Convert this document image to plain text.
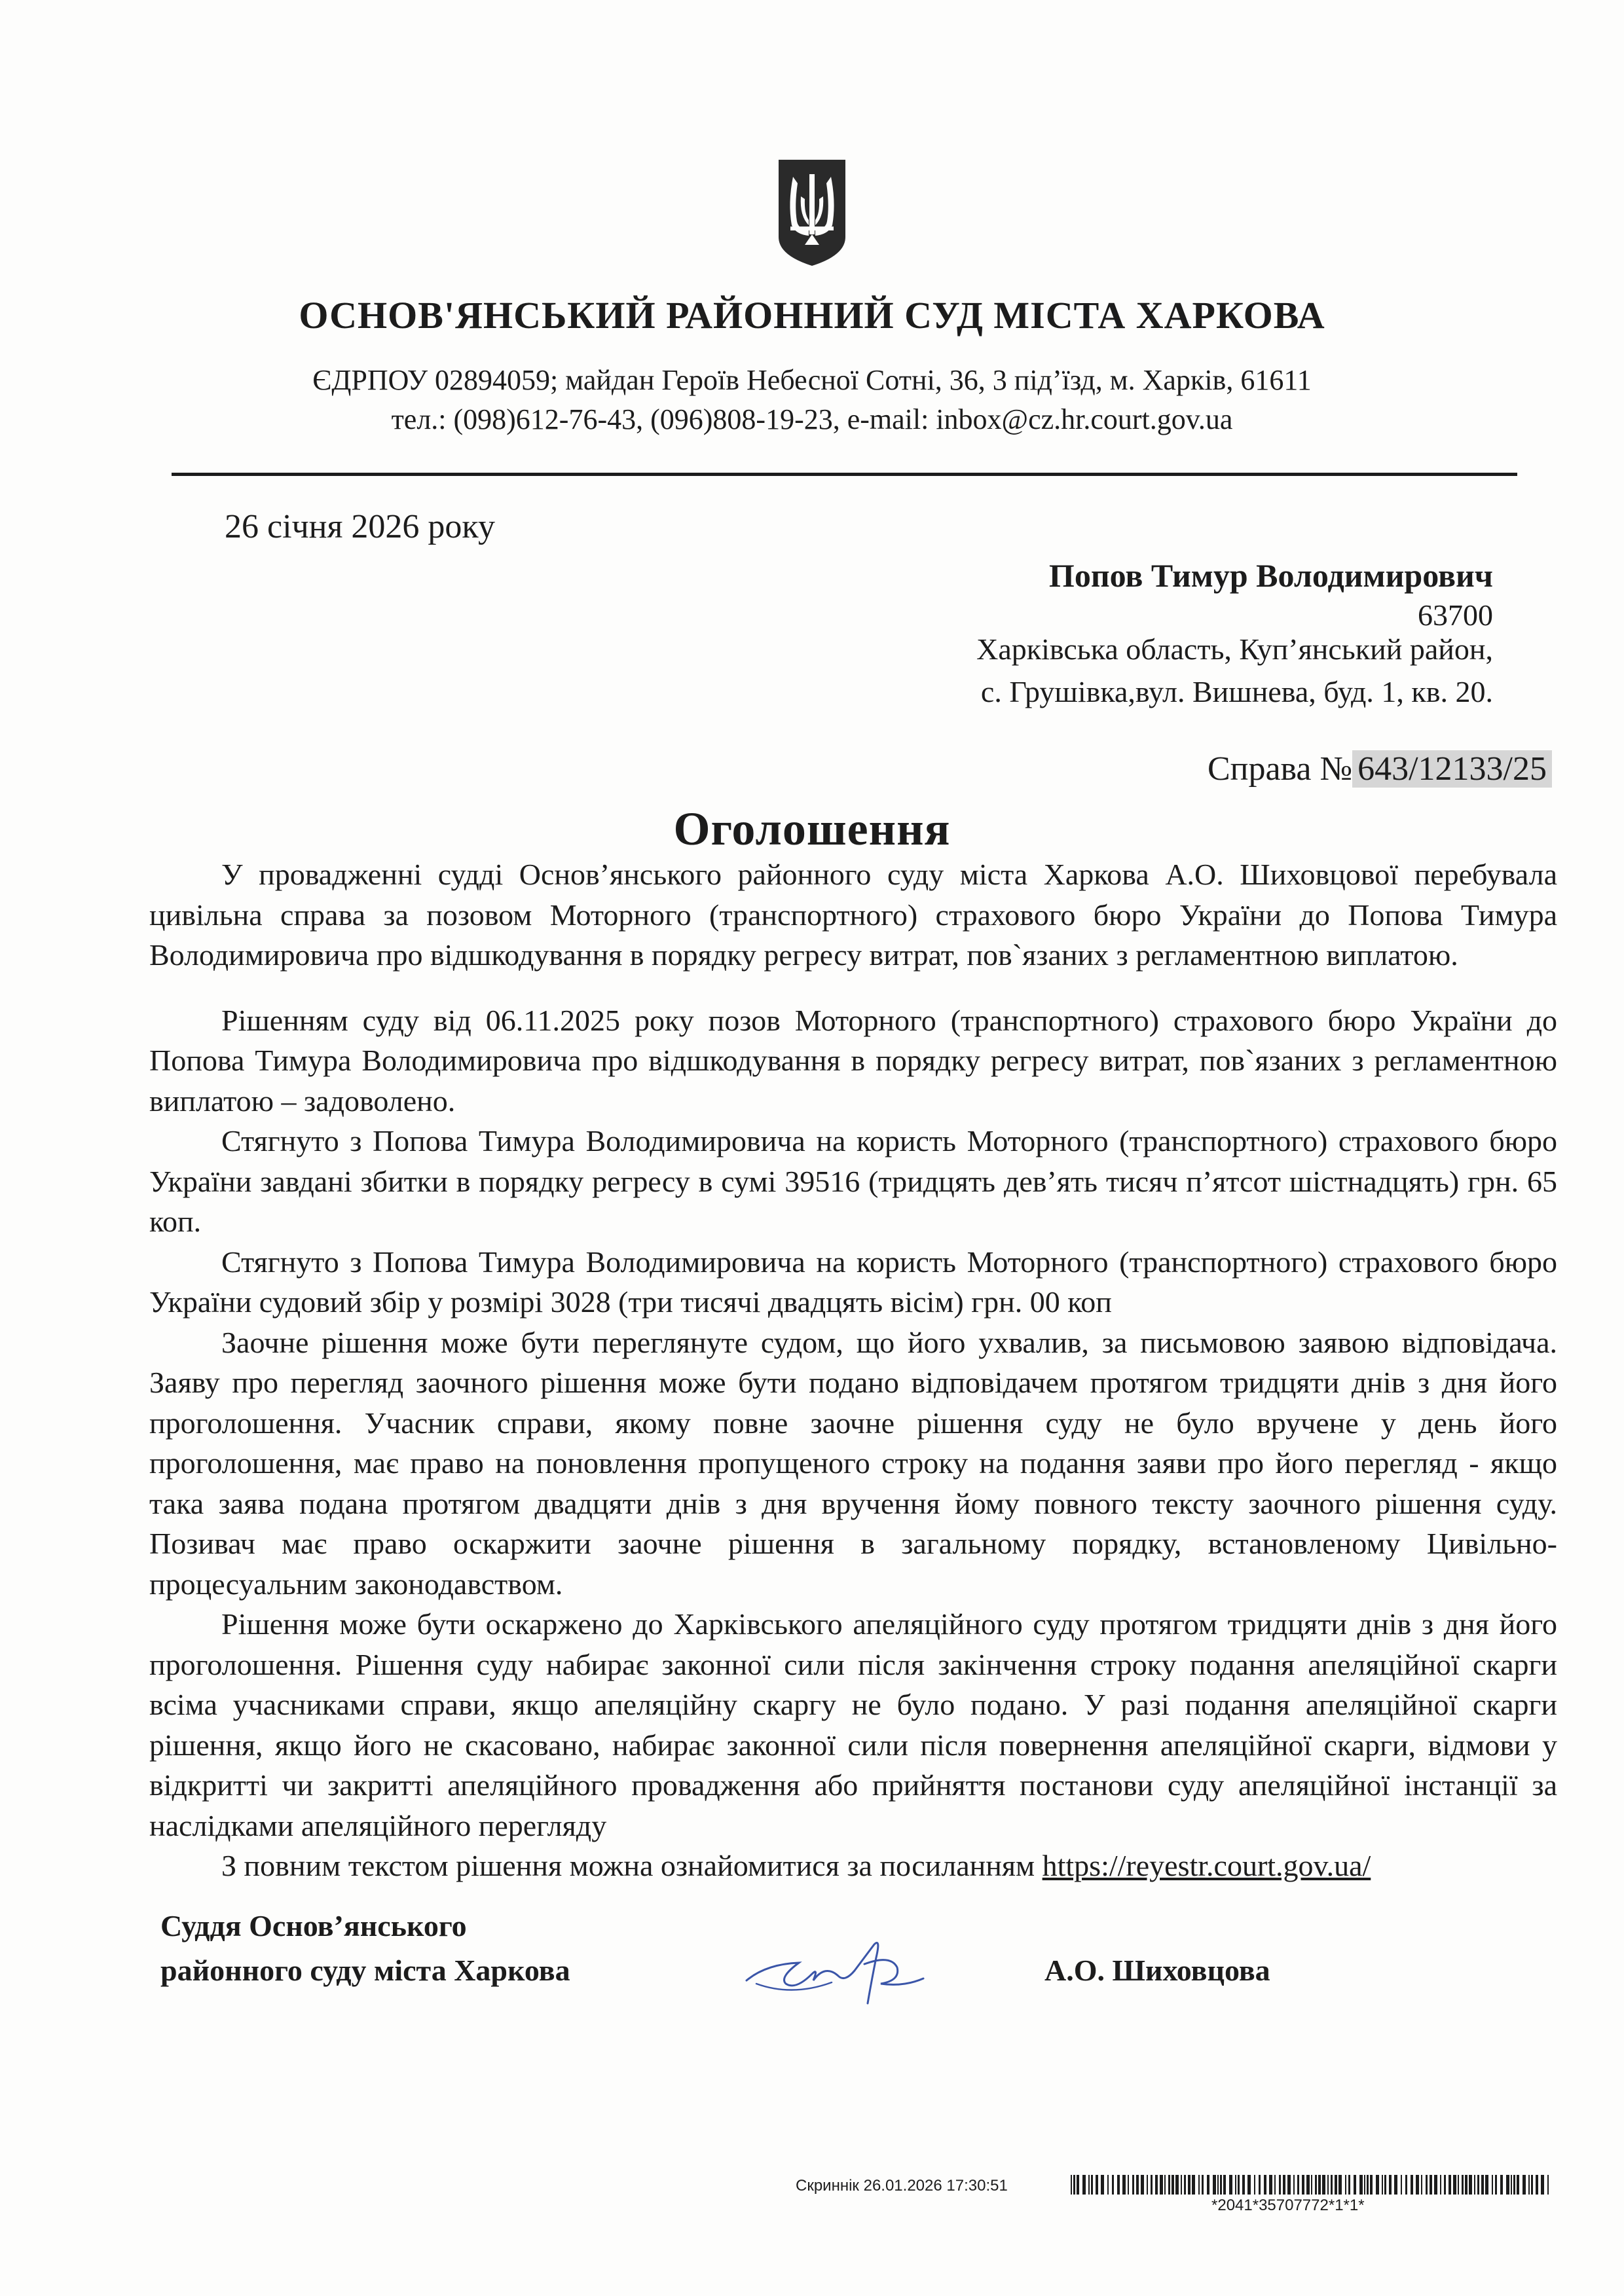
ОСНОВ'ЯНСЬКИЙ РАЙОННИЙ СУД МІСТА ХАРКОВА
ЄДРПОУ 02894059; майдан Героїв Небесної Сотні, 36, 3 під’їзд, м. Харків, 61611
тел.: (098)612-76-43, (096)808-19-23, e-mail: inbox@cz.hr.court.gov.ua
26 січня 2026 року
Попов Тимур Володимирович
63700
Харківська область, Куп’янський район,
с. Грушівка,вул. Вишнева, буд. 1, кв. 20.
Справа № 643/12133/25
Оголошення

У провадженні судді Основ’янського районного суду міста Харкова А.О. Шиховцової перебувала цивільна справа за позовом Моторного (транспортного) страхового бюро України до Попова Тимура Володимировича про відшкодування в порядку регресу витрат, пов`язаних з регламентною виплатою.

Рішенням суду від 06.11.2025 року позов Моторного (транспортного) страхового бюро України до Попова Тимура Володимировича про відшкодування в порядку регресу витрат, пов`язаних з регламентною виплатою – задоволено.

Стягнуто з Попова Тимура Володимировича на користь Моторного (транспортного) страхового бюро України завдані збитки в порядку регресу в сумі 39516 (тридцять дев’ять тисяч п’ятсот шістнадцять) грн. 65 коп.

Стягнуто з Попова Тимура Володимировича на користь Моторного (транспортного) страхового бюро України судовий збір у розмірі 3028 (три тисячі двадцять вісім) грн. 00 коп

Заочне рішення може бути переглянуте судом, що його ухвалив, за письмовою заявою відповідача. Заяву про перегляд заочного рішення може бути подано відповідачем протягом тридцяти днів з дня його проголошення. Учасник справи, якому повне заочне рішення суду не було вручене у день його проголошення, має право на поновлення пропущеного строку на подання заяви про його перегляд - якщо така заява подана протягом двадцяти днів з дня вручення йому повного тексту заочного рішення суду. Позивач має право оскаржити заочне рішення в загальному порядку, встановленому Цивільно-процесуальним законодавством.

Рішення може бути оскаржено до Харківського апеляційного суду протягом тридцяти днів з дня його проголошення. Рішення суду набирає законної сили після закінчення строку подання апеляційної скарги всіма учасниками справи, якщо апеляційну скаргу не було подано. У разі подання апеляційної скарги рішення, якщо його не скасовано, набирає законної сили після повернення апеляційної скарги, відмови у відкритті чи закритті апеляційного провадження або прийняття постанови суду апеляційної інстанції за наслідками апеляційного перегляду

З повним текстом рішення можна ознайомитися за посиланням https://reyestr.court.gov.ua/

Суддя Основ’янського
районного суду міста Харкова	А.О. Шиховцова
Скриннік 26.01.2026 17:30:51
*2041*35707772*1*1*
